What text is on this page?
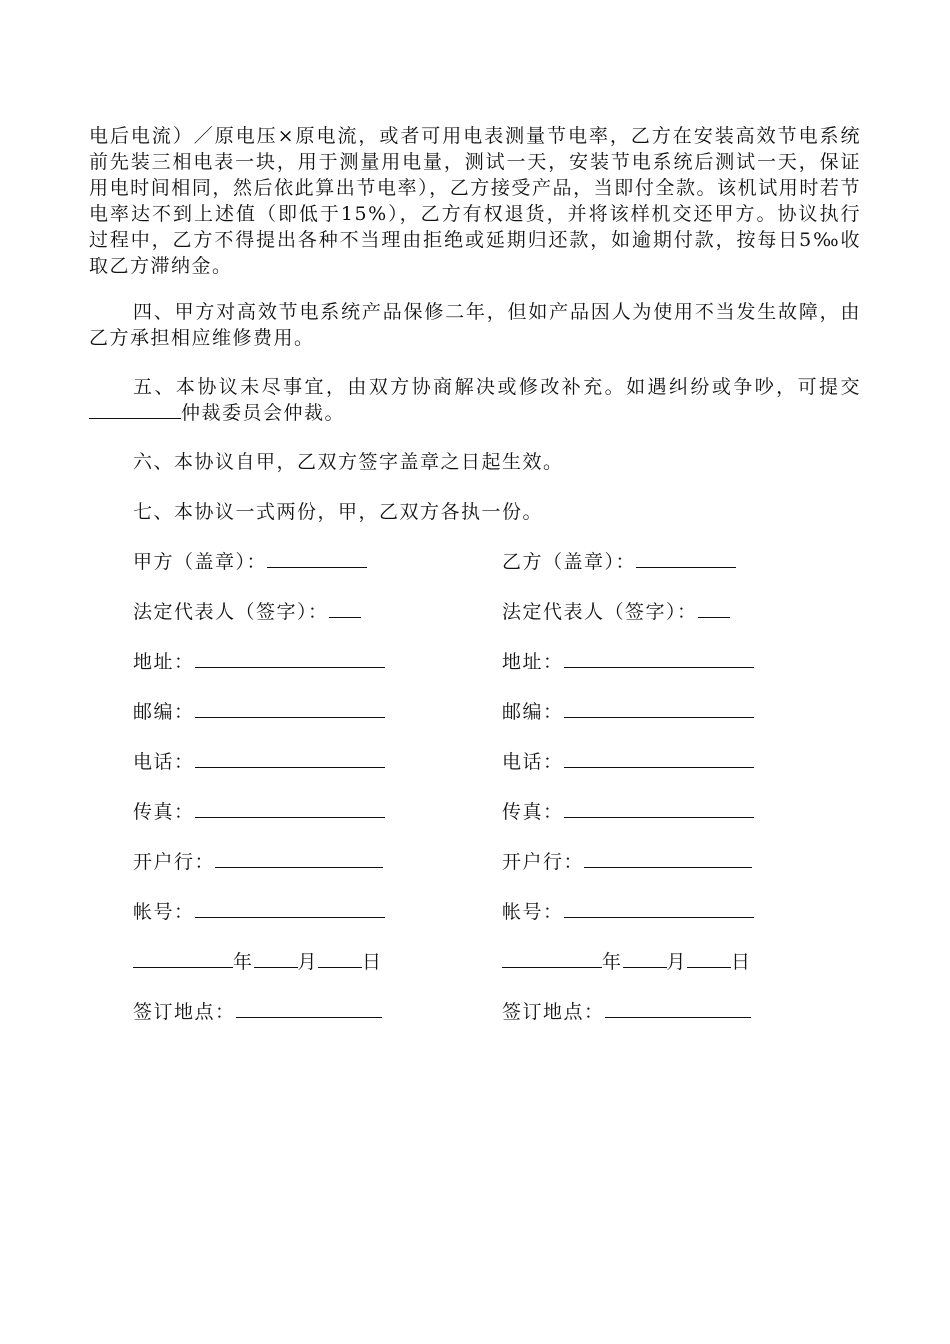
电后电流）／原电压×原电流，或者可用电表测量节电率，乙方在安装高效节电系统前先装三相电表一块，用于测量用电量，测试一天，安装节电系统后测试一天，保证用电时间相同，然后依此算出节电率），乙方接受产品，当即付全款。该机试用时若节电率达不到上述值（即低于15%），乙方有权退货，并将该样机交还甲方。协议执行过程中，乙方不得提出各种不当理由拒绝或延期归还款，如逾期付款，按每日5‰收取乙方滞纳金。

四、甲方对高效节电系统产品保修二年，但如产品因人为使用不当发生故障，由乙方承担相应维修费用。

五、本协议未尽事宜，由双方协商解决或修改补充。如遇纠纷或争吵，可提交仲裁委员会仲裁。

六、本协议自甲，乙双方签字盖章之日起生效。

七、本协议一式两份，甲，乙双方各执一份。

甲方（盖章）：
法定代表人（签字）：
地址：
邮编：
电话：
传真：
开户行：
帐号：
年 月 日
签订地点：
乙方（盖章）：
法定代表人（签字）：
地址：
邮编：
电话：
传真：
开户行：
帐号：
年 月 日
签订地点：
